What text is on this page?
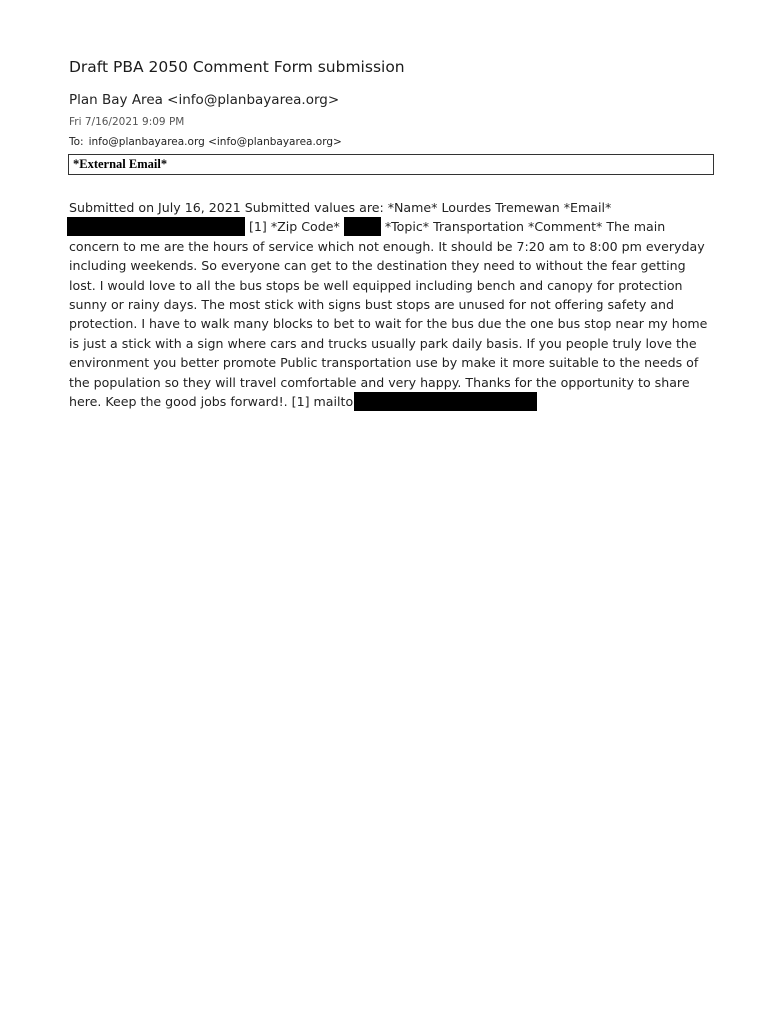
Draft PBA 2050 Comment Form submission
Plan Bay Area <info@planbayarea.org>
Fri 7/16/2021 9:09 PM
To: info@planbayarea.org <info@planbayarea.org>
*External Email*

Submitted on July 16, 2021 Submitted values are: *Name* Lourdes Tremewan *Email* [1] *Zip Code*	*Topic* Transportation *Comment* The main concern to me are the hours of service which not enough. It should be 7:20 am to 8:00 pm everyday including weekends. So everyone can get to the destination they need to without the fear getting lost. I would love to all the bus stops be well equipped including bench and canopy for protection sunny or rainy days. The most stick with signs bust stops are unused for not offering safety and protection. I have to walk many blocks to bet to wait for the bus due the one bus stop near my home is just a stick with a sign where cars and trucks usually park daily basis. If you people truly love the environment you better promote Public transportation use by make it more suitable to the needs of the population so they will travel comfortable and very happy. Thanks for the opportunity to share here. Keep the good jobs forward!. [1] mailto
